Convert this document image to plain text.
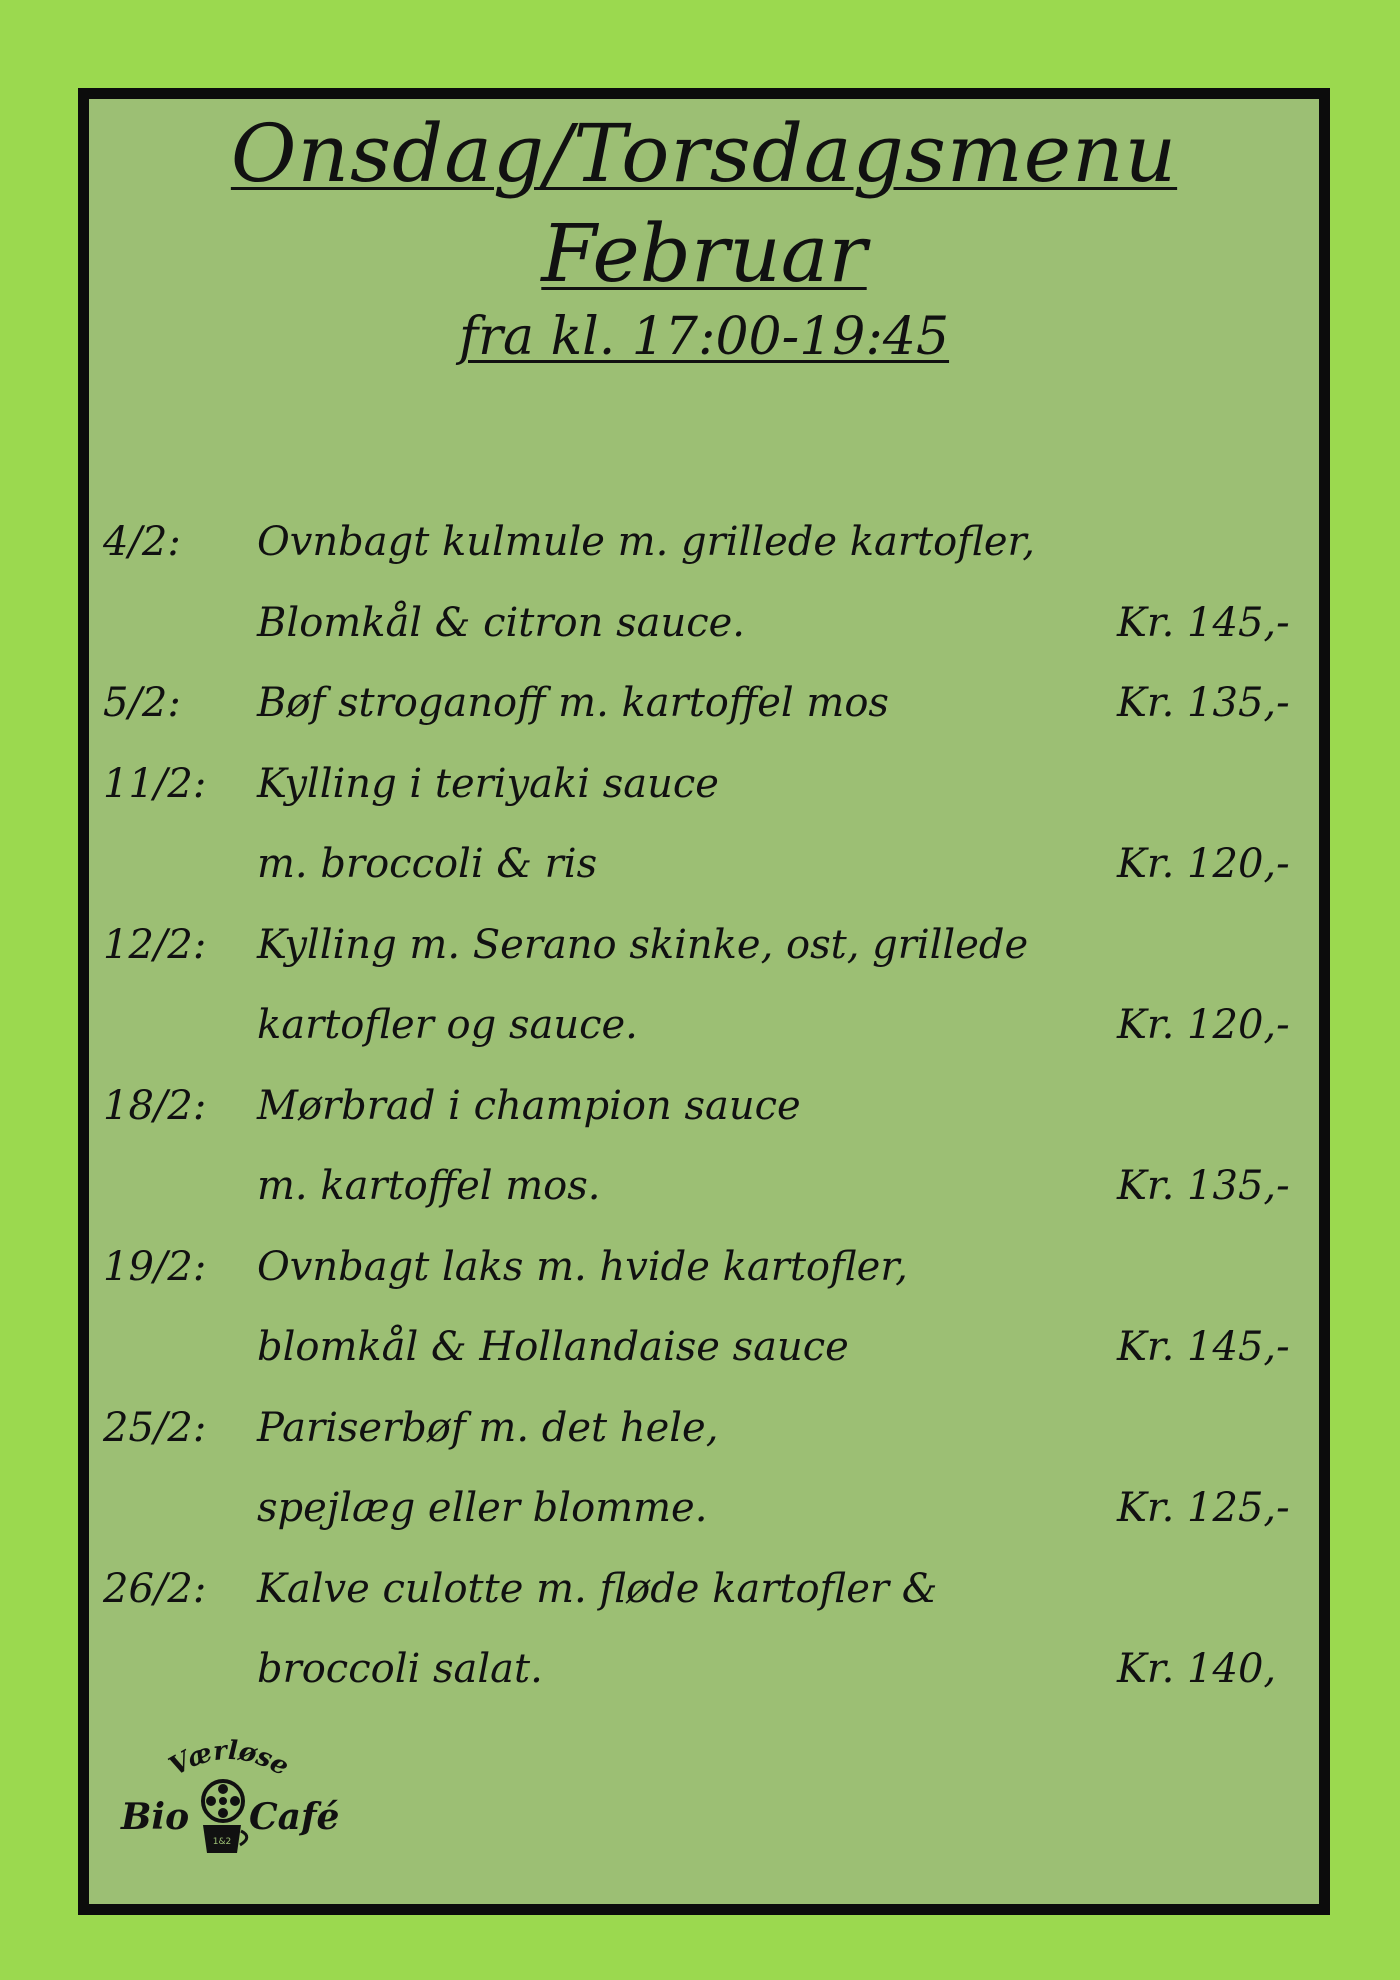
Onsdag/Torsdagsmenu
Februar
fra kl. 17:00-19:45
4/2: Ovnbagt kulmule m. grillede kartofler,
Blomkål & citron sauce.	Kr. 145,-
5/2: Bøf stroganoff m. kartoffel mos	Kr. 135,-
11/2: Kylling i teriyaki sauce
m. broccoli & ris	Kr. 120,-
12/2: Kylling m. Serano skinke, ost, grillede
kartofler og sauce.	Kr. 120,-
18/2: Mørbrad i champion sauce
m. kartoffel mos.	Kr. 135,-
19/2: Ovnbagt laks m. hvide kartofler,
blomkål & Hollandaise sauce	Kr. 145,-
25/2: Pariserbøf m. det hele,
spejlæg eller blomme.	Kr. 125,-
26/2: Kalve culotte m. fløde kartofler &
broccoli salat.	Kr. 140,
Værløse
Bio
1&2
Café
